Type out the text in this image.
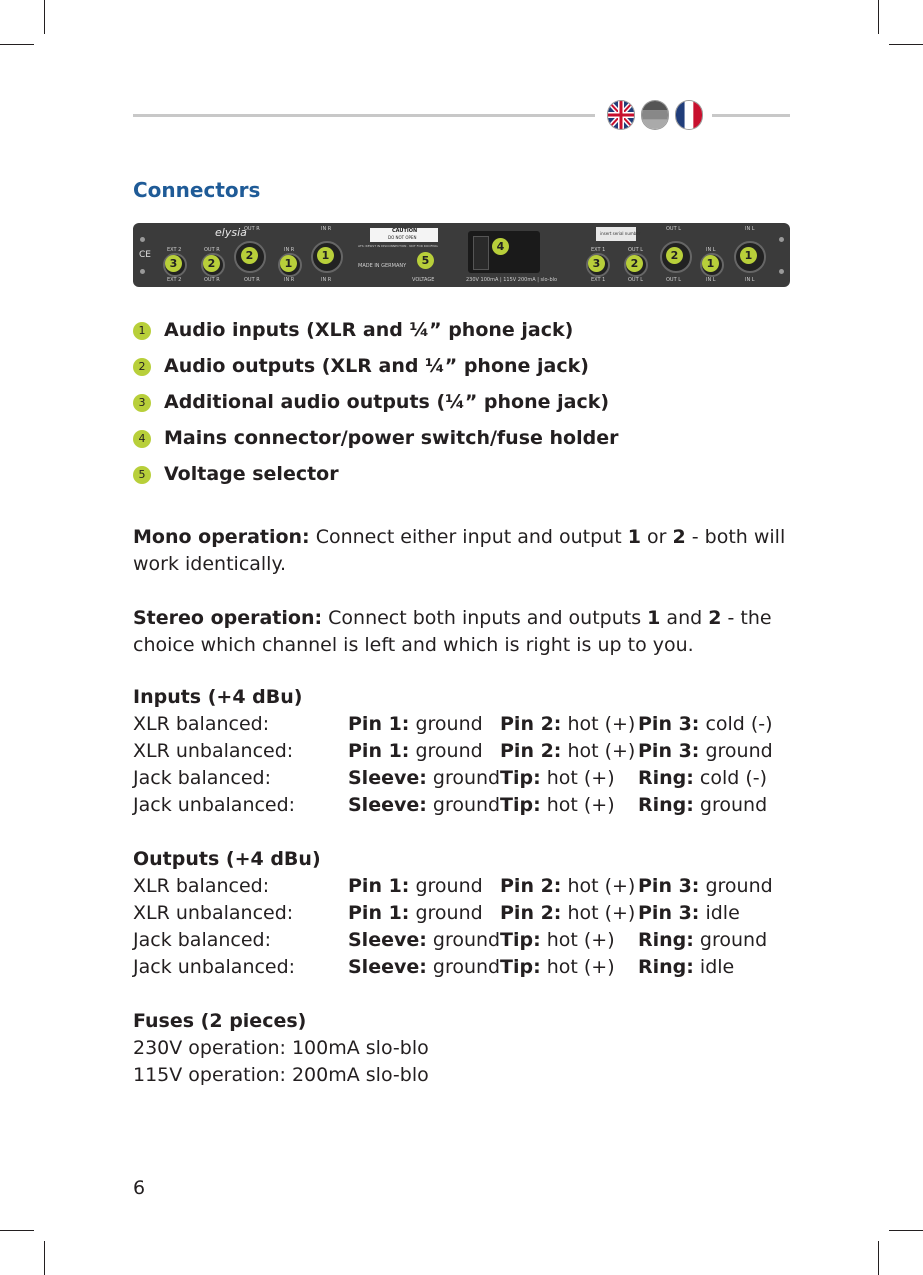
Connectors
CE
elysia
EXT 2
EXT 2
3
OUT R
OUT R
2
OUT R
OUT R
2	IN R
IN R
1
IN R
IN R
1
CAUTION
DO NOT OPEN
ATS: RESIST IN DISCONNECTION · NOT FOR ROOFING
MADE IN GERMANY
VOLTAGE
5
4
230V 100mA | 115V 200mA | slo-blo
insert serial number
EXT 1
EXT 1
3
OUT L
OUT L
2
OUT L
OUT L
2	IN L
IN L
1
IN L
IN L
1
1 Audio inputs (XLR and ¼” phone jack)
2 Audio outputs (XLR and ¼” phone jack)
3 Additional audio outputs (¼” phone jack)
4 Mains connector/power switch/fuse holder
5 Voltage selector
Mono operation: Connect either input and output 1 or 2 - both will work identically.
Stereo operation: Connect both inputs and outputs 1 and 2 - the choice which channel is left and which is right is up to you.
Inputs (+4 dBu)
XLR balanced:	Pin 1: ground Pin 2: hot (+) Pin 3: cold (-)
XLR unbalanced:	Pin 1: ground Pin 2: hot (+) Pin 3: ground
Jack balanced:	Sleeve: ground Tip: hot (+) Ring: cold (-)
Jack unbalanced:	Sleeve: ground Tip: hot (+) Ring: ground
Outputs (+4 dBu)
XLR balanced:	Pin 1: ground Pin 2: hot (+) Pin 3: ground
XLR unbalanced:	Pin 1: ground Pin 2: hot (+) Pin 3: idle
Jack balanced:	Sleeve: ground Tip: hot (+) Ring: ground
Jack unbalanced:	Sleeve: ground Tip: hot (+) Ring: idle
Fuses (2 pieces)
230V operation: 100mA slo-blo
115V operation: 200mA slo-blo
6
